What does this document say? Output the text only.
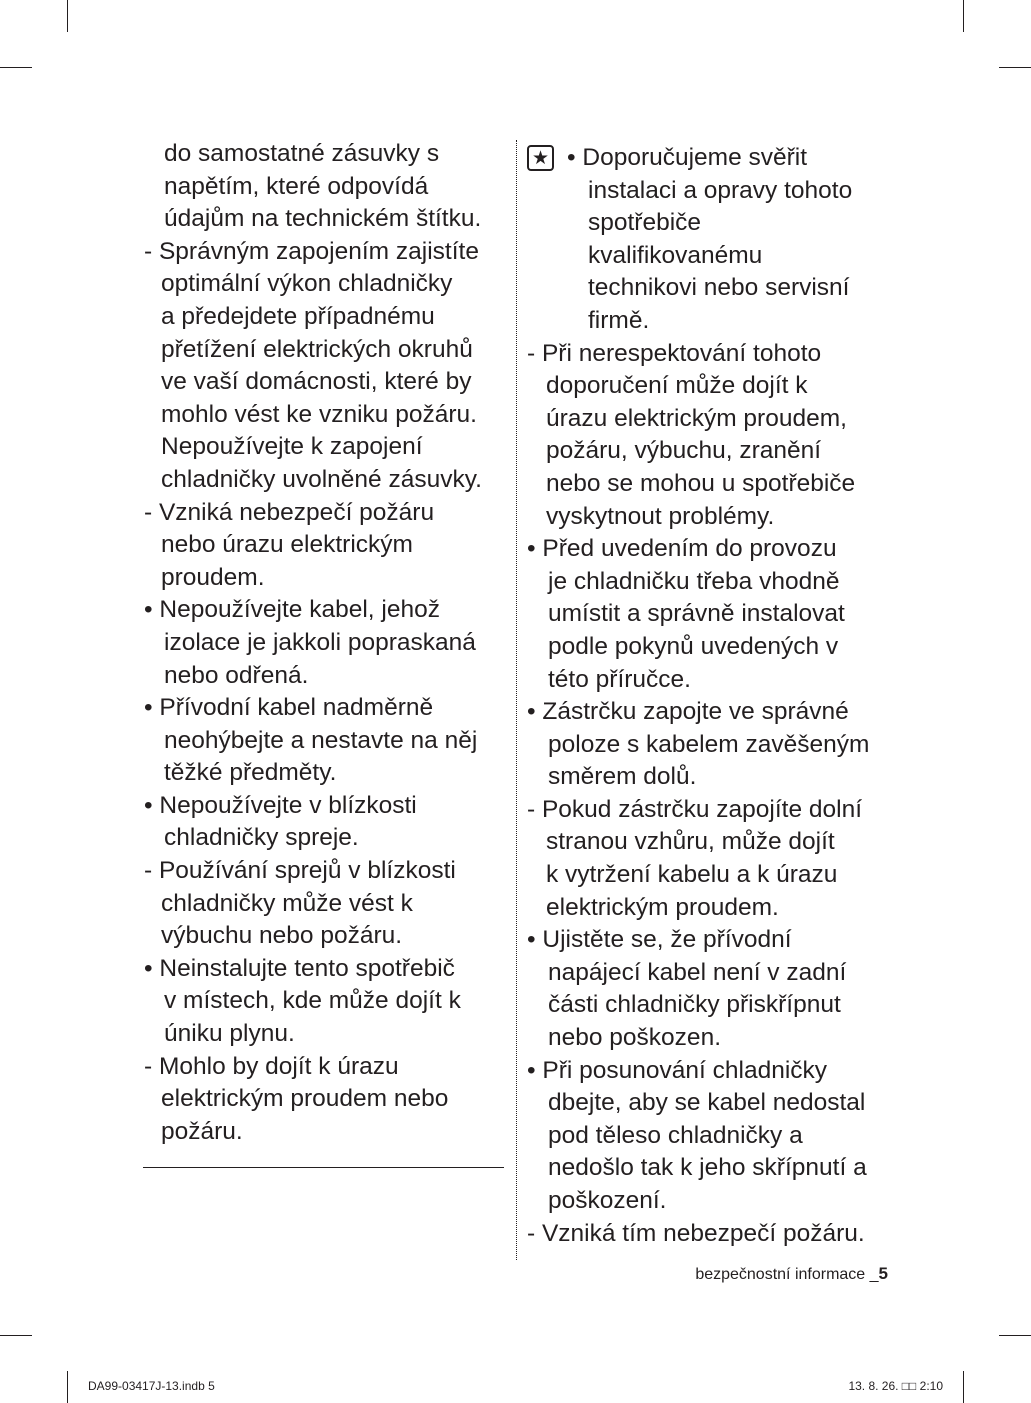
do samostatné zásuvky s
napětím, které odpovídá
údajům na technickém štítku.
- Správným zapojením zajistíte
optimální výkon chladničky
a předejdete případnému
přetížení elektrických okruhů
ve vaší domácnosti, které by
mohlo vést ke vzniku požáru.
Nepoužívejte k zapojení
chladničky uvolněné zásuvky.
- Vzniká nebezpečí požáru
nebo úrazu elektrickým
proudem.
• Nepoužívejte kabel, jehož
izolace je jakkoli popraskaná
nebo odřená.
• Přívodní kabel nadměrně
neohýbejte a nestavte na něj
těžké předměty.
• Nepoužívejte v blízkosti
chladničky spreje.
- Používání sprejů v blízkosti
chladničky může vést k
výbuchu nebo požáru.
• Neinstalujte tento spotřebič
v místech, kde může dojít k
úniku plynu.
- Mohlo by dojít k úrazu
elektrickým proudem nebo
požáru.
★ • Doporučujeme svěřit
instalaci a opravy tohoto
spotřebiče
kvalifikovanému
technikovi nebo servisní
firmě.
- Při nerespektování tohoto
doporučení může dojít k
úrazu elektrickým proudem,
požáru, výbuchu, zranění
nebo se mohou u spotřebiče
vyskytnout problémy.
• Před uvedením do provozu
je chladničku třeba vhodně
umístit a správně instalovat
podle pokynů uvedených v
této příručce.
• Zástrčku zapojte ve správné
poloze s kabelem zavěšeným
směrem dolů.
- Pokud zástrčku zapojíte dolní
stranou vzhůru, může dojít
k vytržení kabelu a k úrazu
elektrickým proudem.
• Ujistěte se, že přívodní
napájecí kabel není v zadní
části chladničky přiskřípnut
nebo poškozen.
• Při posunování chladničky
dbejte, aby se kabel nedostal
pod těleso chladničky a
nedošlo tak k jeho skřípnutí a
poškození.
- Vzniká tím nebezpečí požáru.
bezpečnostní informace _5
DA99-03417J-13.indb 5	13. 8. 26. □□ 2:10
